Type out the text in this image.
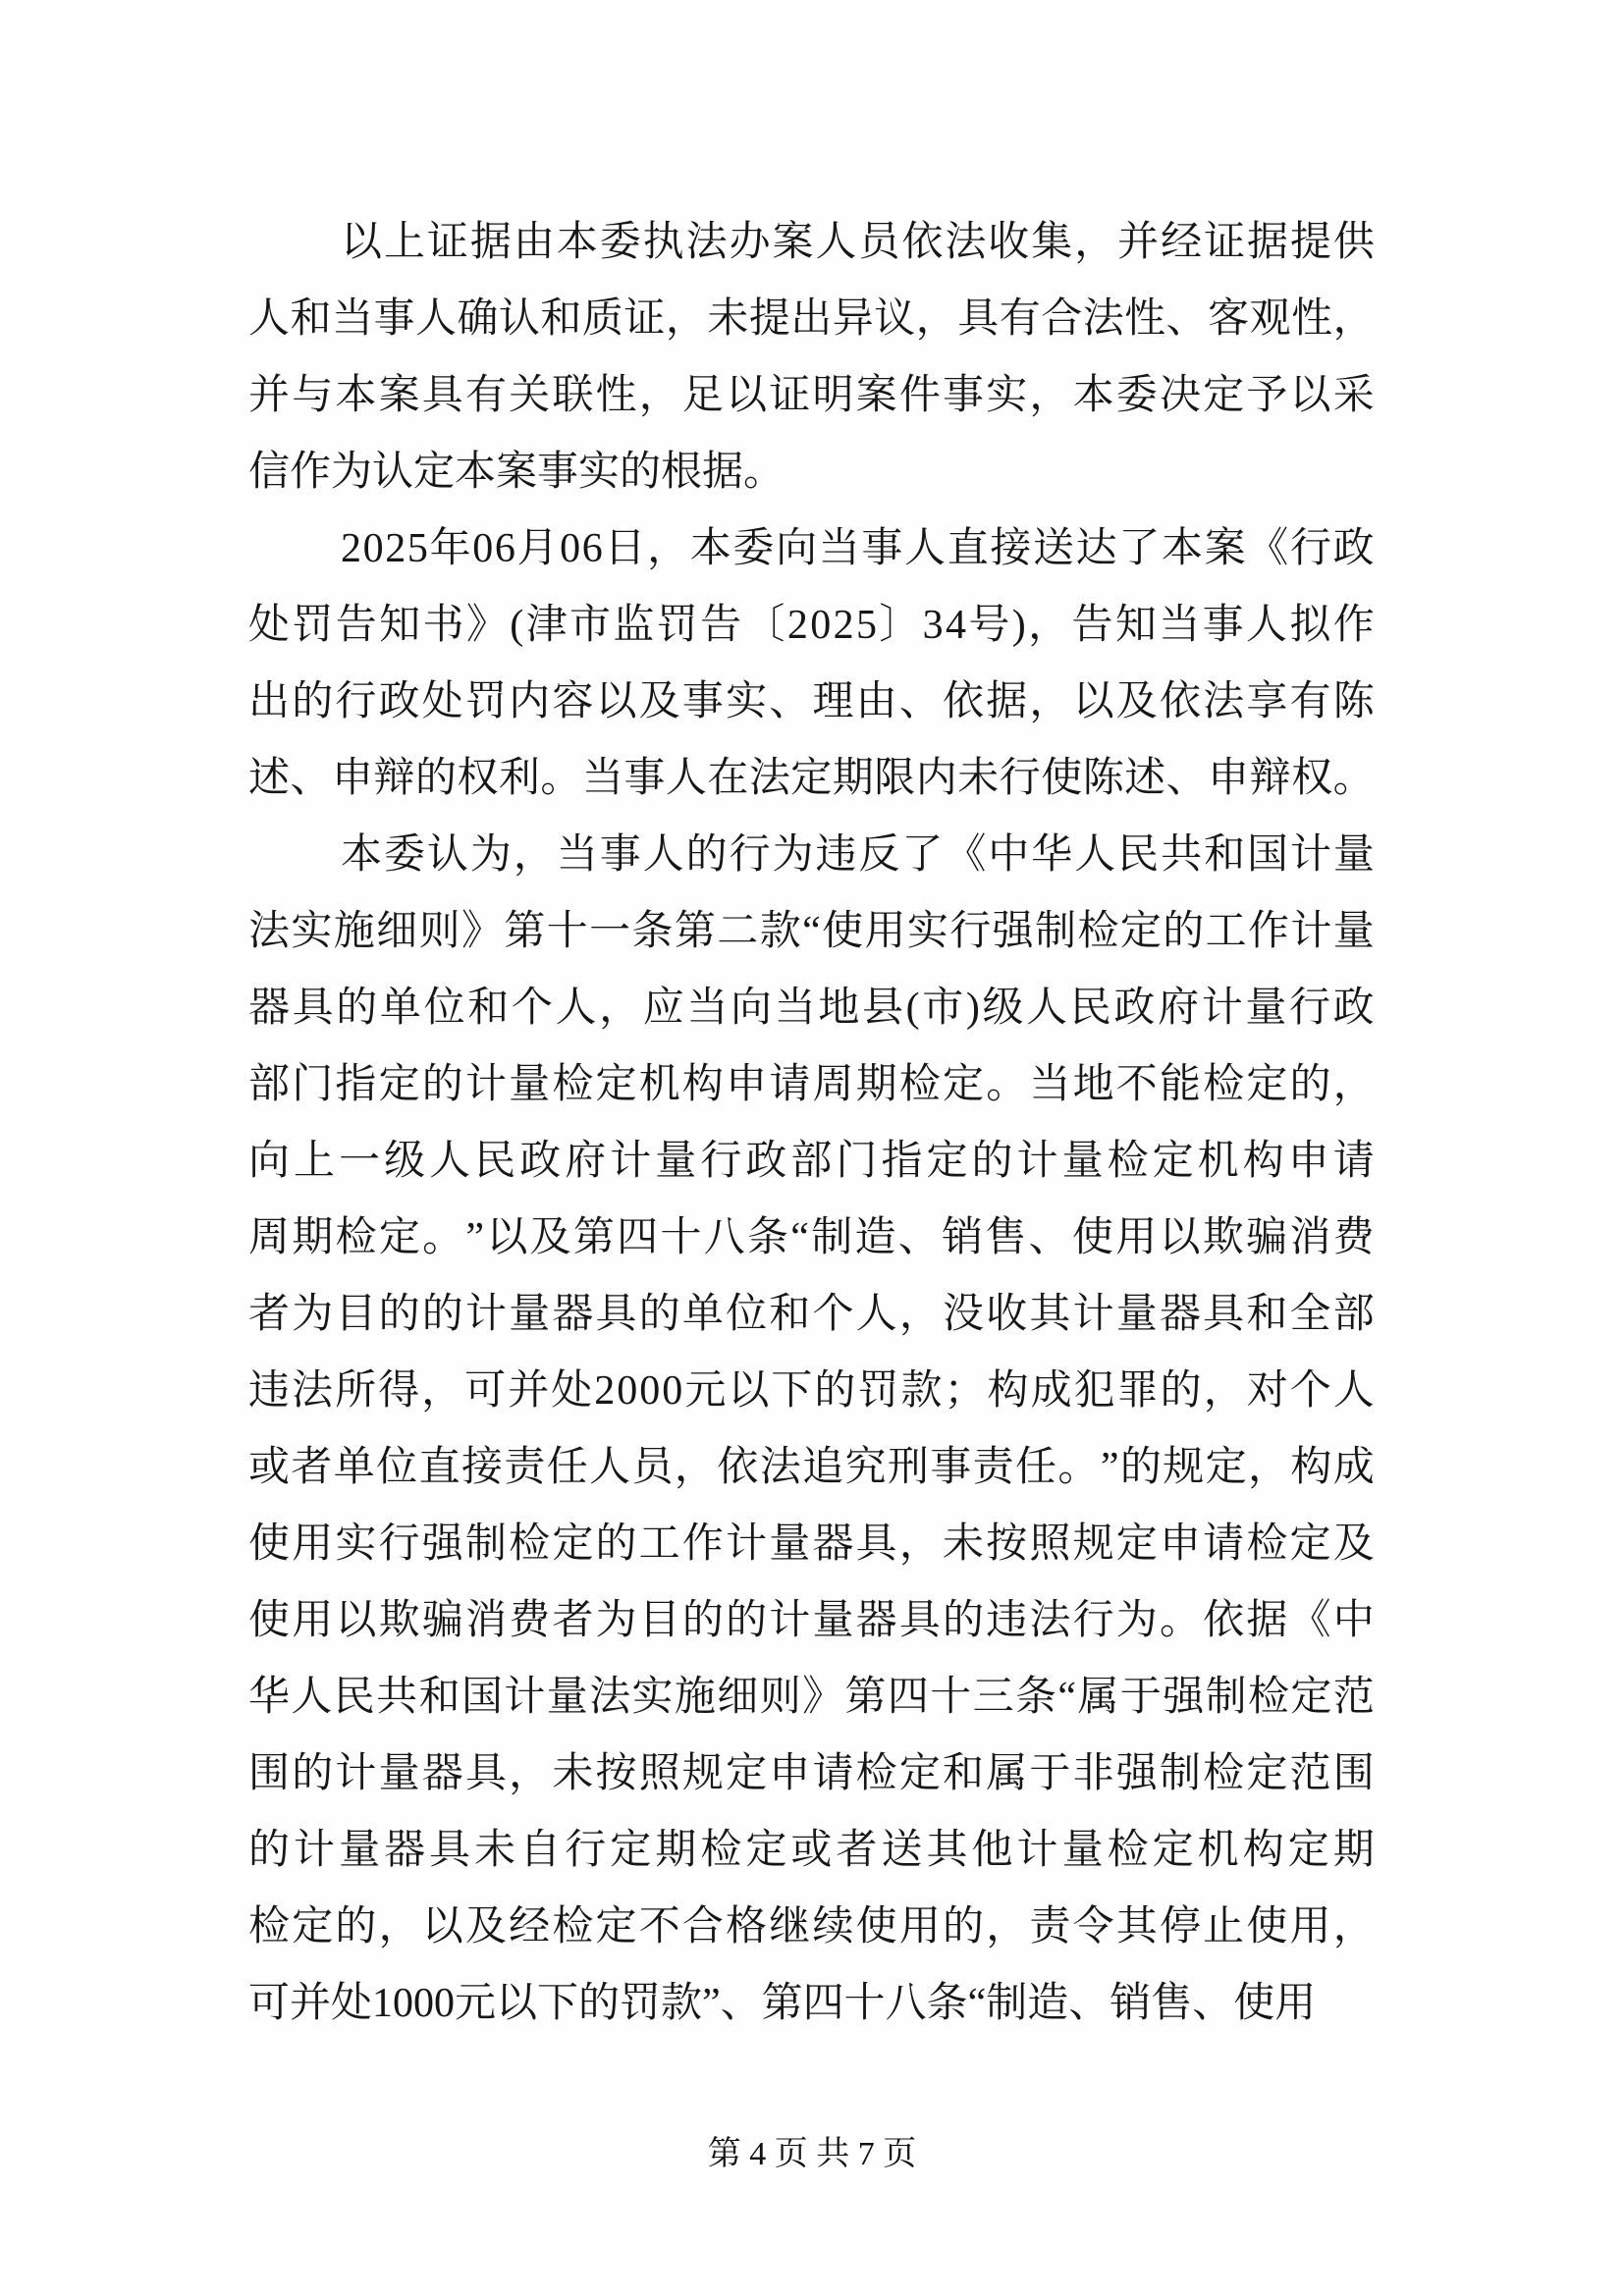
以 上 证 据 由 本 委 执 法 办 案 人 员 依 法 收 集 ， 并 经 证 据 提 供
人 和 当 事 人 确 认 和 质 证 ， 未 提 出 异 议 ， 具 有 合 法 性 、 客 观 性 ，
并 与 本 案 具 有 关 联 性 ， 足 以 证 明 案 件 事 实 ， 本 委 决 定 予 以 采
信作为认定本案事实的根据。
2 0 2 5 年 0 6 月 0 6 日 ， 本 委 向 当 事 人 直 接 送 达 了 本 案 《 行 政
处 罚 告 知 书 》 ( 津 市 监 罚 告 〔 2 0 2 5 〕 3 4 号 ) ， 告 知 当 事 人 拟 作
出 的 行 政 处 罚 内 容 以 及 事 实 、 理 由 、 依 据 ， 以 及 依 法 享 有 陈
述 、 申 辩 的 权 利 。 当 事 人 在 法 定 期 限 内 未 行 使 陈 述 、 申 辩 权 。
本 委 认 为 ， 当 事 人 的 行 为 违 反 了 《 中 华 人 民 共 和 国 计 量
法 实 施 细 则 》 第 十 一 条 第 二 款 “ 使 用 实 行 强 制 检 定 的 工 作 计 量
器 具 的 单 位 和 个 人 ， 应 当 向 当 地 县 ( 市 ) 级 人 民 政 府 计 量 行 政
部 门 指 定 的 计 量 检 定 机 构 申 请 周 期 检 定 。 当 地 不 能 检 定 的 ，
向 上 一 级 人 民 政 府 计 量 行 政 部 门 指 定 的 计 量 检 定 机 构 申 请
周 期 检 定 。 ” 以 及 第 四 十 八 条 “ 制 造 、 销 售 、 使 用 以 欺 骗 消 费
者 为 目 的 的 计 量 器 具 的 单 位 和 个 人 ， 没 收 其 计 量 器 具 和 全 部
违 法 所 得 ， 可 并 处 2 0 0 0 元 以 下 的 罚 款 ； 构 成 犯 罪 的 ， 对 个 人
或 者 单 位 直 接 责 任 人 员 ， 依 法 追 究 刑 事 责 任 。 ” 的 规 定 ， 构 成
使 用 实 行 强 制 检 定 的 工 作 计 量 器 具 ， 未 按 照 规 定 申 请 检 定 及
使 用 以 欺 骗 消 费 者 为 目 的 的 计 量 器 具 的 违 法 行 为 。 依 据 《 中
华 人 民 共 和 国 计 量 法 实 施 细 则 》 第 四 十 三 条 “ 属 于 强 制 检 定 范
围 的 计 量 器 具 ， 未 按 照 规 定 申 请 检 定 和 属 于 非 强 制 检 定 范 围
的 计 量 器 具 未 自 行 定 期 检 定 或 者 送 其 他 计 量 检 定 机 构 定 期
检 定 的 ， 以 及 经 检 定 不 合 格 继 续 使 用 的 ， 责 令 其 停 止 使 用 ，
可并处1000元以下的罚款”、第四十八条“制造、销售、使用
第 4 页 共 7 页
